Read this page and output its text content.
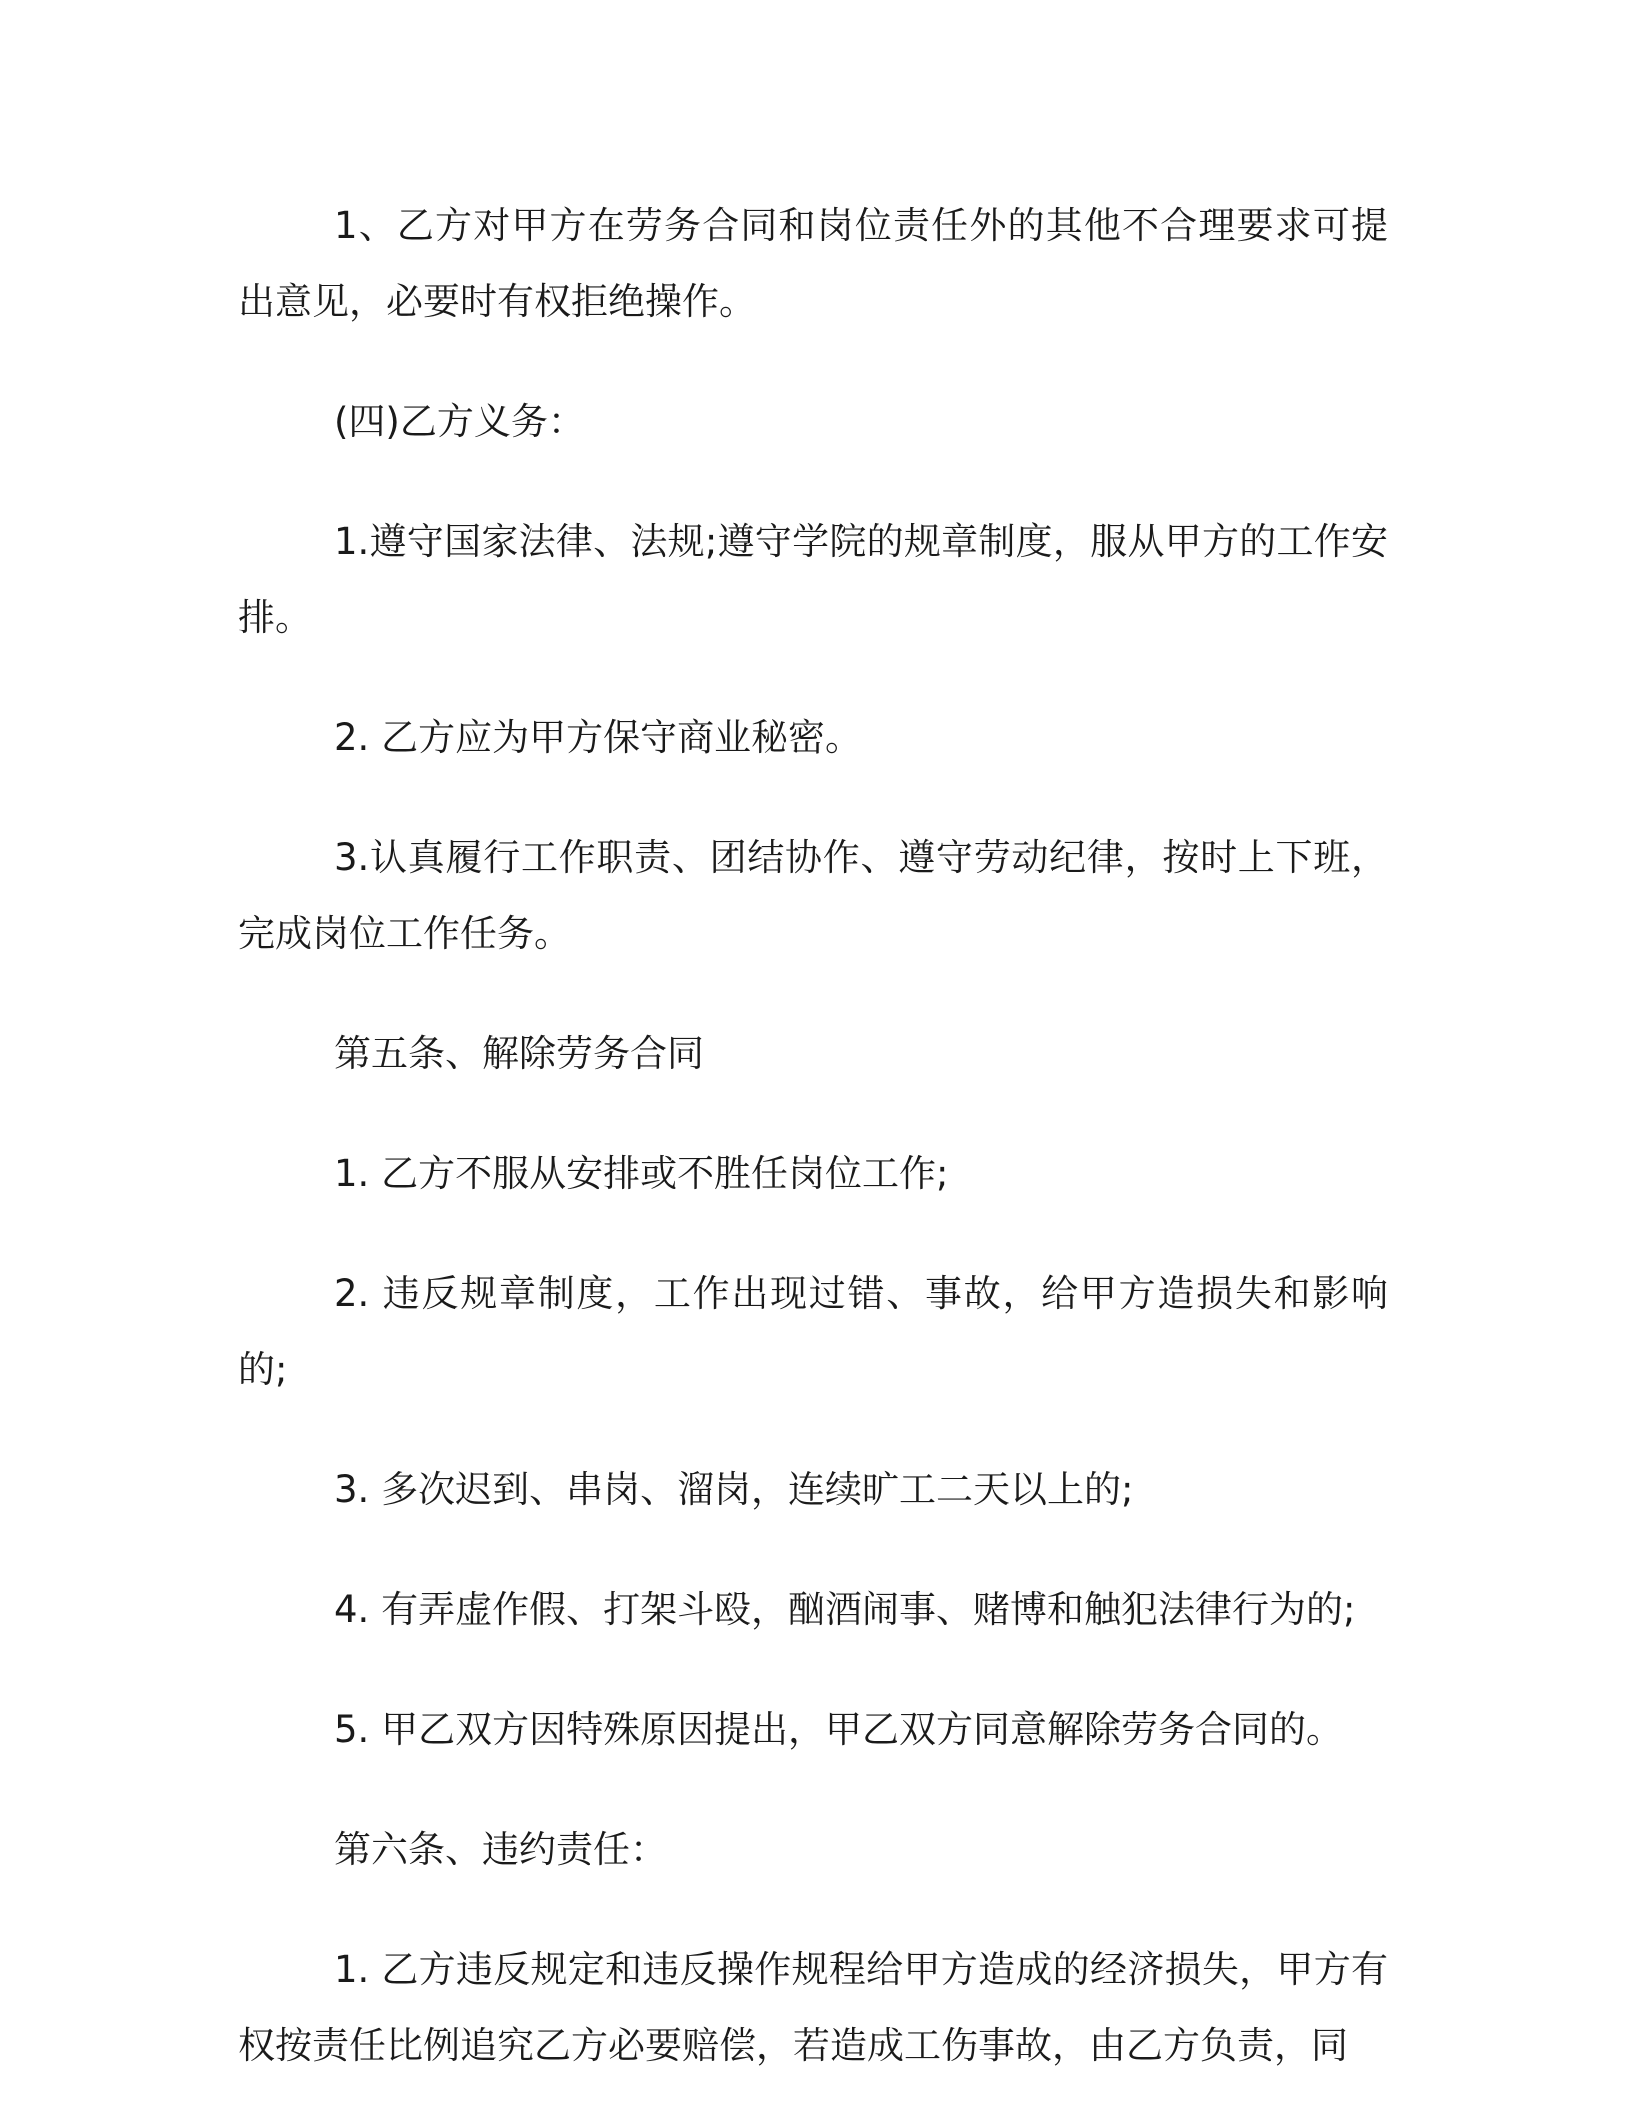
1、乙方对甲方在劳务合同和岗位责任外的其他不合理要求可提出意见，必要时有权拒绝操作。

(四)乙方义务：

1.遵守国家法律、法规;遵守学院的规章制度，服从甲方的工作安排。

2. 乙方应为甲方保守商业秘密。

3.认真履行工作职责、团结协作、遵守劳动纪律，按时上下班，完成岗位工作任务。

第五条、解除劳务合同

1. 乙方不服从安排或不胜任岗位工作;

2. 违反规章制度，工作出现过错、事故，给甲方造损失和影响的;

3. 多次迟到、串岗、溜岗，连续旷工二天以上的;

4. 有弄虚作假、打架斗殴，酗酒闹事、赌博和触犯法律行为的;

5. 甲乙双方因特殊原因提出，甲乙双方同意解除劳务合同的。

第六条、违约责任：

1. 乙方违反规定和违反操作规程给甲方造成的经济损失，甲方有权按责任比例追究乙方必要赔偿，若造成工伤事故，由乙方负责，同
